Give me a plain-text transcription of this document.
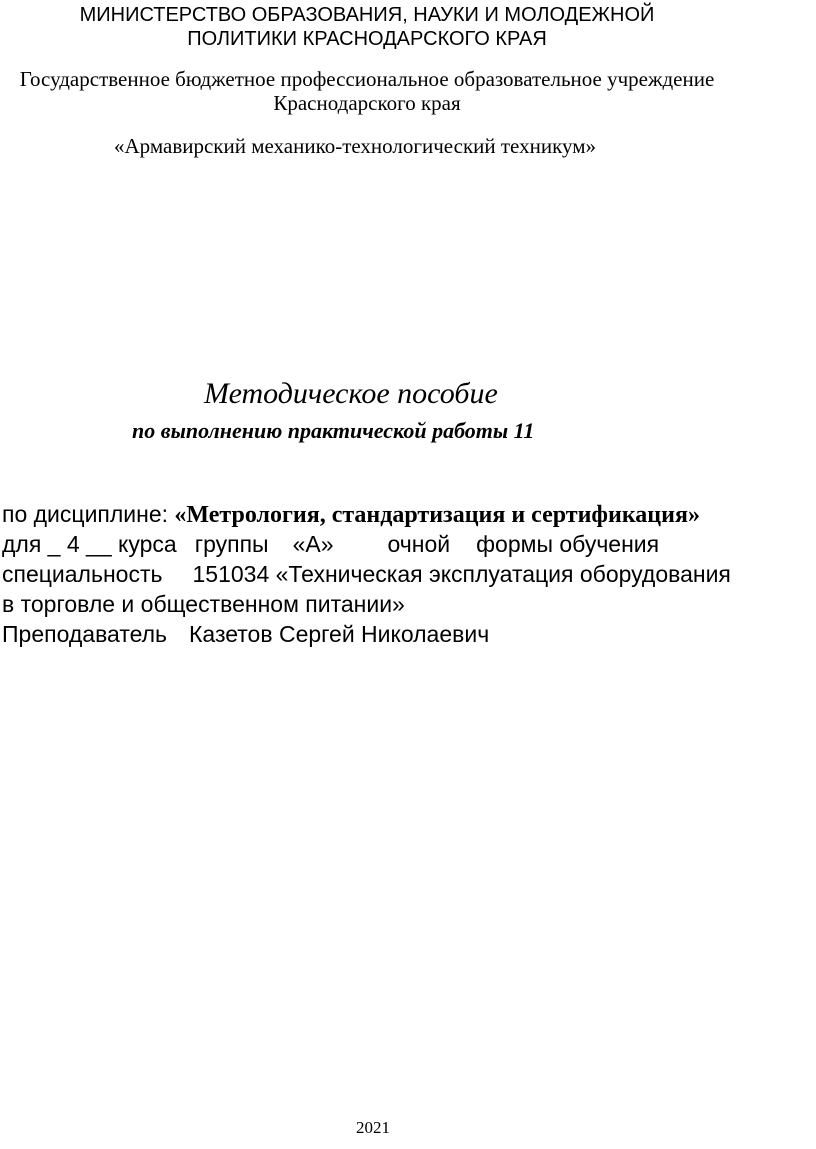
МИНИСТЕРСТВО ОБРАЗОВАНИЯ, НАУКИ И МОЛОДЕЖНОЙ

ПОЛИТИКИ КРАСНОДАРСКОГО КРАЯ

Государственное бюджетное профессиональное образовательное учреждение

Краснодарского края

«Армавирский механико-технологический техникум»

Методическое пособие

по выполнению практической работы 11

по дисциплине: «Метрология, стандартизация и сертификация»

для _ 4 __ курса группы «А» очной формы обучения

специальность 151034 «Техническая эксплуатация оборудования

в торговле и общественном питании»

Преподаватель Казетов Сергей Николаевич

2021
